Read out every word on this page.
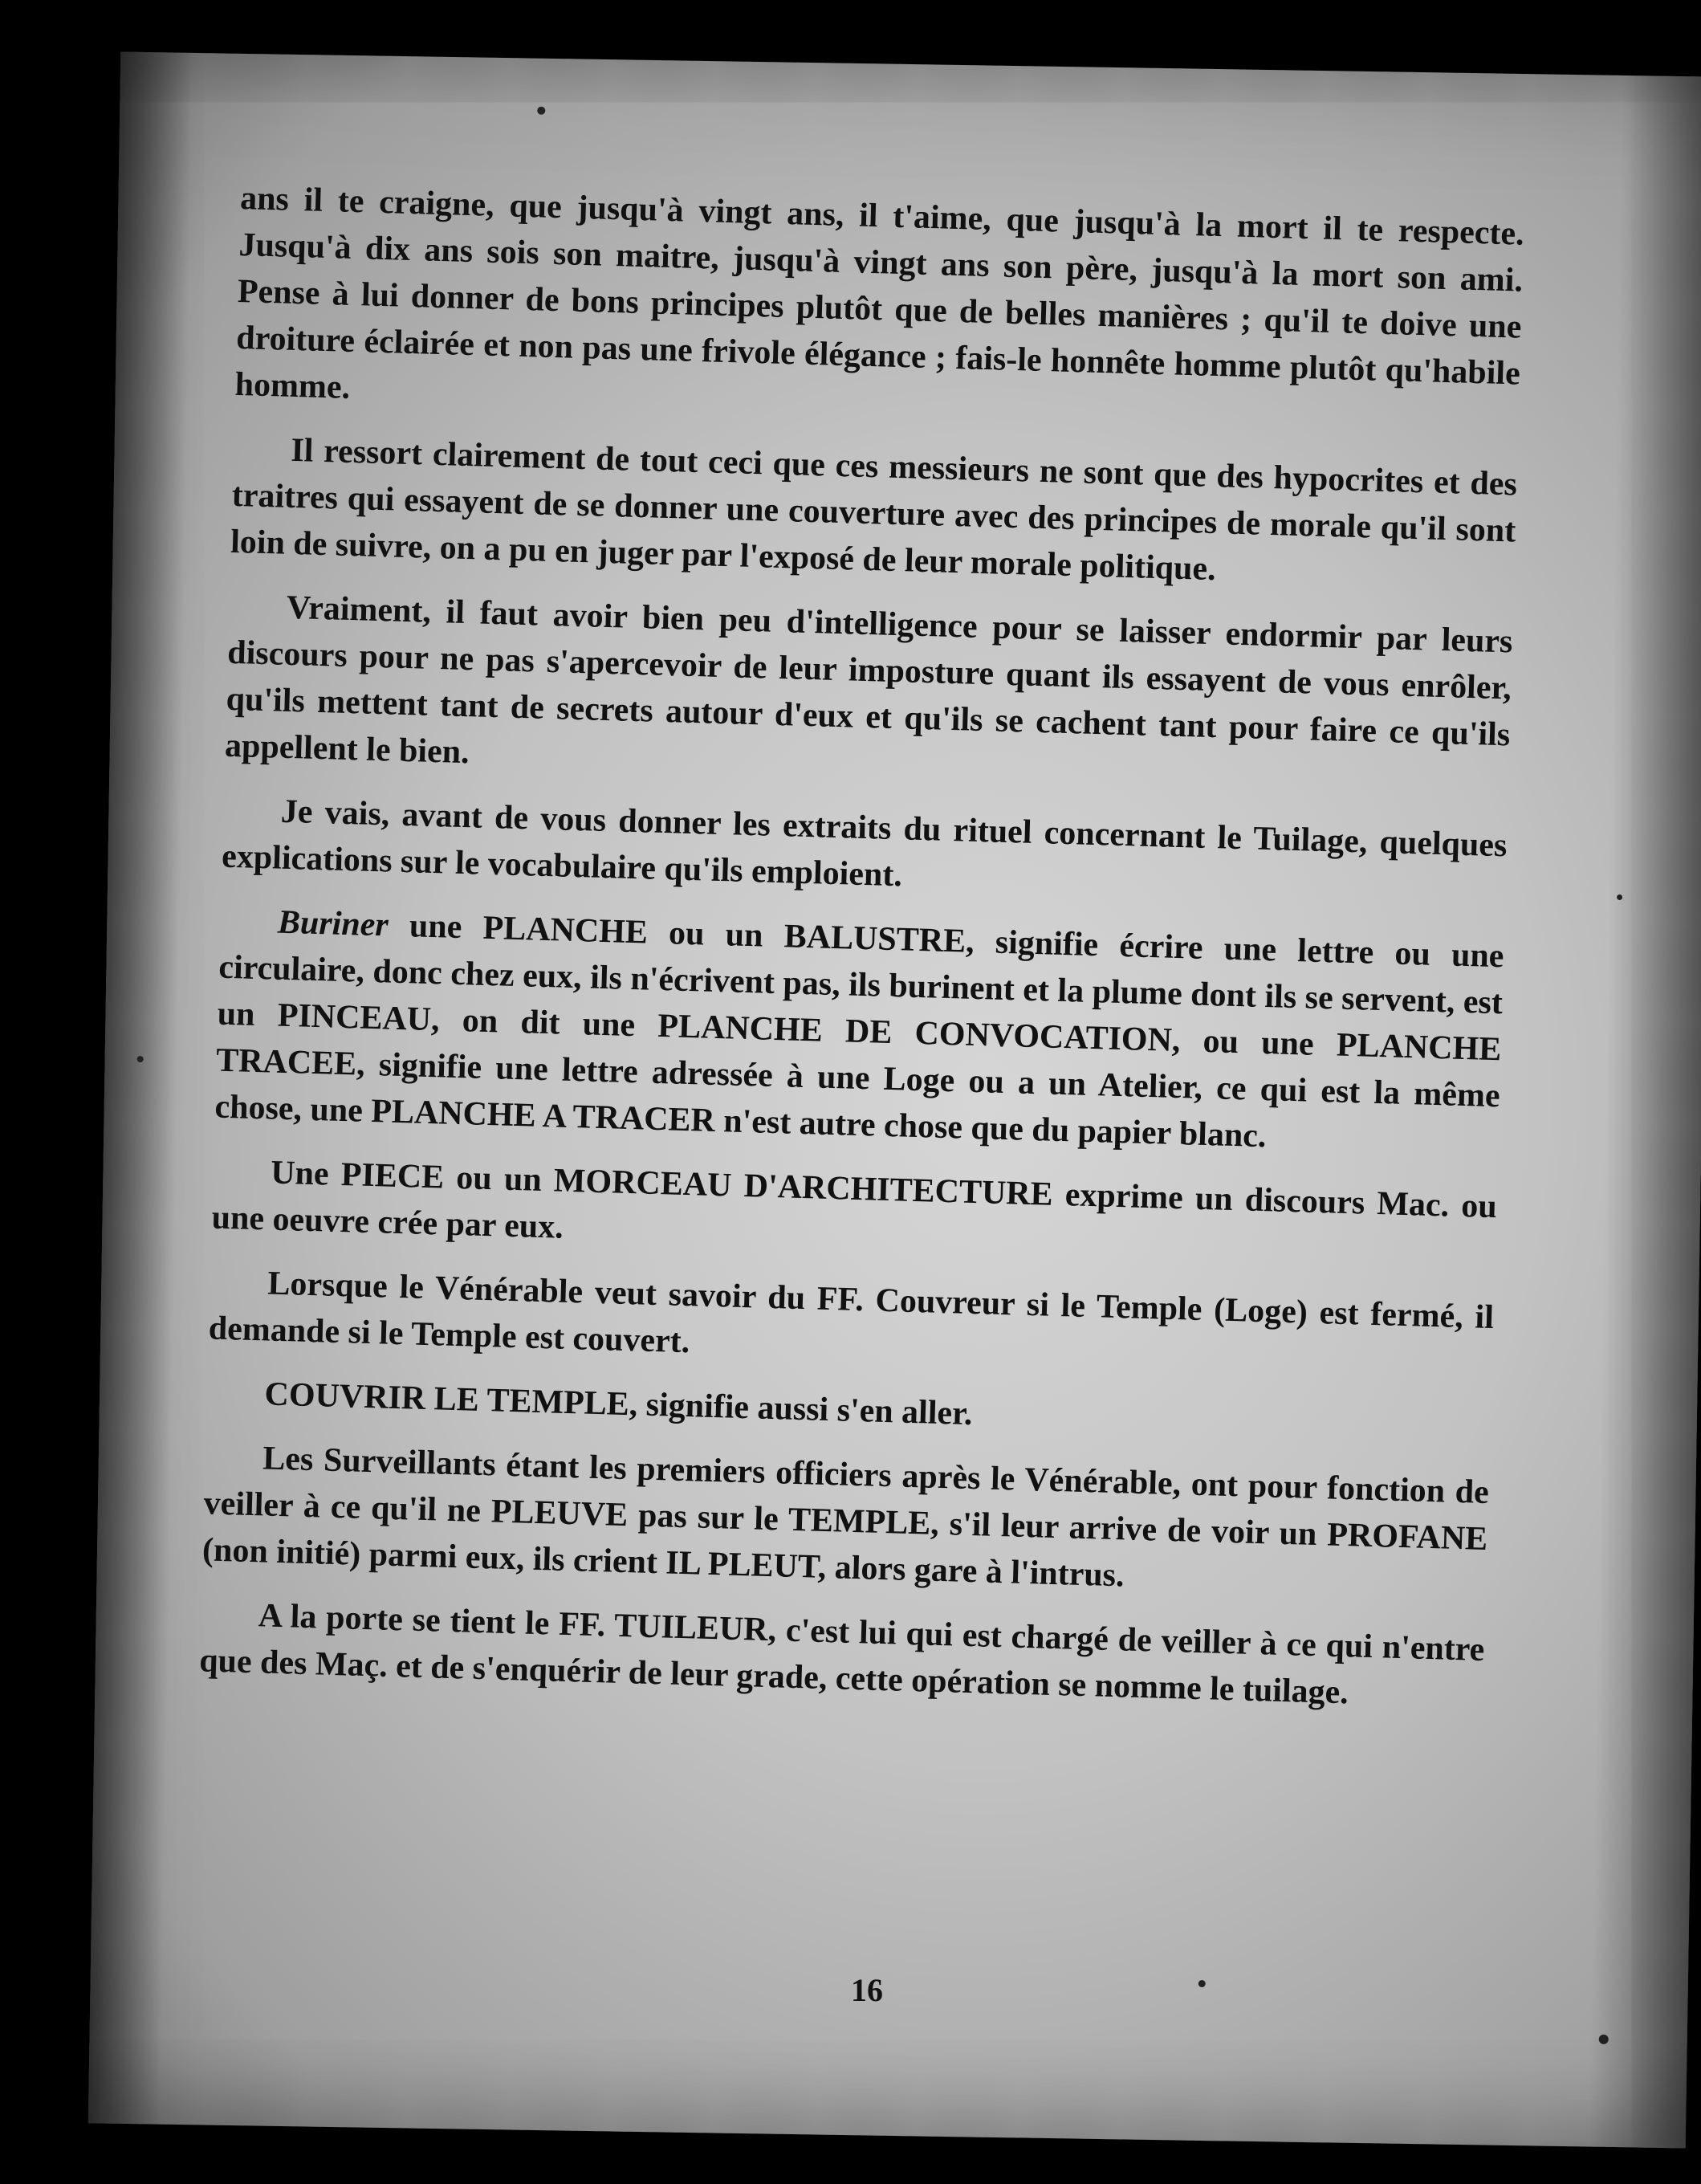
ans il te craigne, que jusqu'à vingt ans, il t'aime, que jusqu'à la mort il te respecte. Jusqu'à dix ans sois son maitre, jusqu'à vingt ans son père, jusqu'à la mort son ami. Pense à lui donner de bons principes plutôt que de belles manières ; qu'il te doive une droiture éclairée et non pas une frivole élégance ; fais-le honnête homme plutôt qu'habile homme.

Il ressort clairement de tout ceci que ces messieurs ne sont que des hypocrites et des traitres qui essayent de se donner une couverture avec des principes de morale qu'il sont loin de suivre, on a pu en juger par l'exposé de leur morale politique.

Vraiment, il faut avoir bien peu d'intelligence pour se laisser endormir par leurs discours pour ne pas s'apercevoir de leur imposture quant ils essayent de vous enrôler, qu'ils mettent tant de secrets autour d'eux et qu'ils se cachent tant pour faire ce qu'ils appellent le bien.

Je vais, avant de vous donner les extraits du rituel concernant le Tuilage, quelques explications sur le vocabulaire qu'ils emploient.

Buriner une PLANCHE ou un BALUSTRE, signifie écrire une lettre ou une circulaire, donc chez eux, ils n'écrivent pas, ils burinent et la plume dont ils se servent, est un PINCEAU, on dit une PLANCHE DE CONVOCATION, ou une PLANCHE TRACEE, signifie une lettre adressée à une Loge ou a un Atelier, ce qui est la même chose, une PLANCHE A TRACER n'est autre chose que du papier blanc.

Une PIECE ou un MORCEAU D'ARCHITECTURE exprime un discours Mac. ou une oeuvre crée par eux.

Lorsque le Vénérable veut savoir du FF. Couvreur si le Temple (Loge) est fermé, il demande si le Temple est couvert.

COUVRIR LE TEMPLE, signifie aussi s'en aller.

Les Surveillants étant les premiers officiers après le Vénérable, ont pour fonction de veiller à ce qu'il ne PLEUVE pas sur le TEMPLE, s'il leur arrive de voir un PROFANE (non initié) parmi eux, ils crient IL PLEUT, alors gare à l'intrus.

A la porte se tient le FF. TUILEUR, c'est lui qui est chargé de veiller à ce qui n'entre que des Maç. et de s'enquérir de leur grade, cette opération se nomme le tuilage.

16
